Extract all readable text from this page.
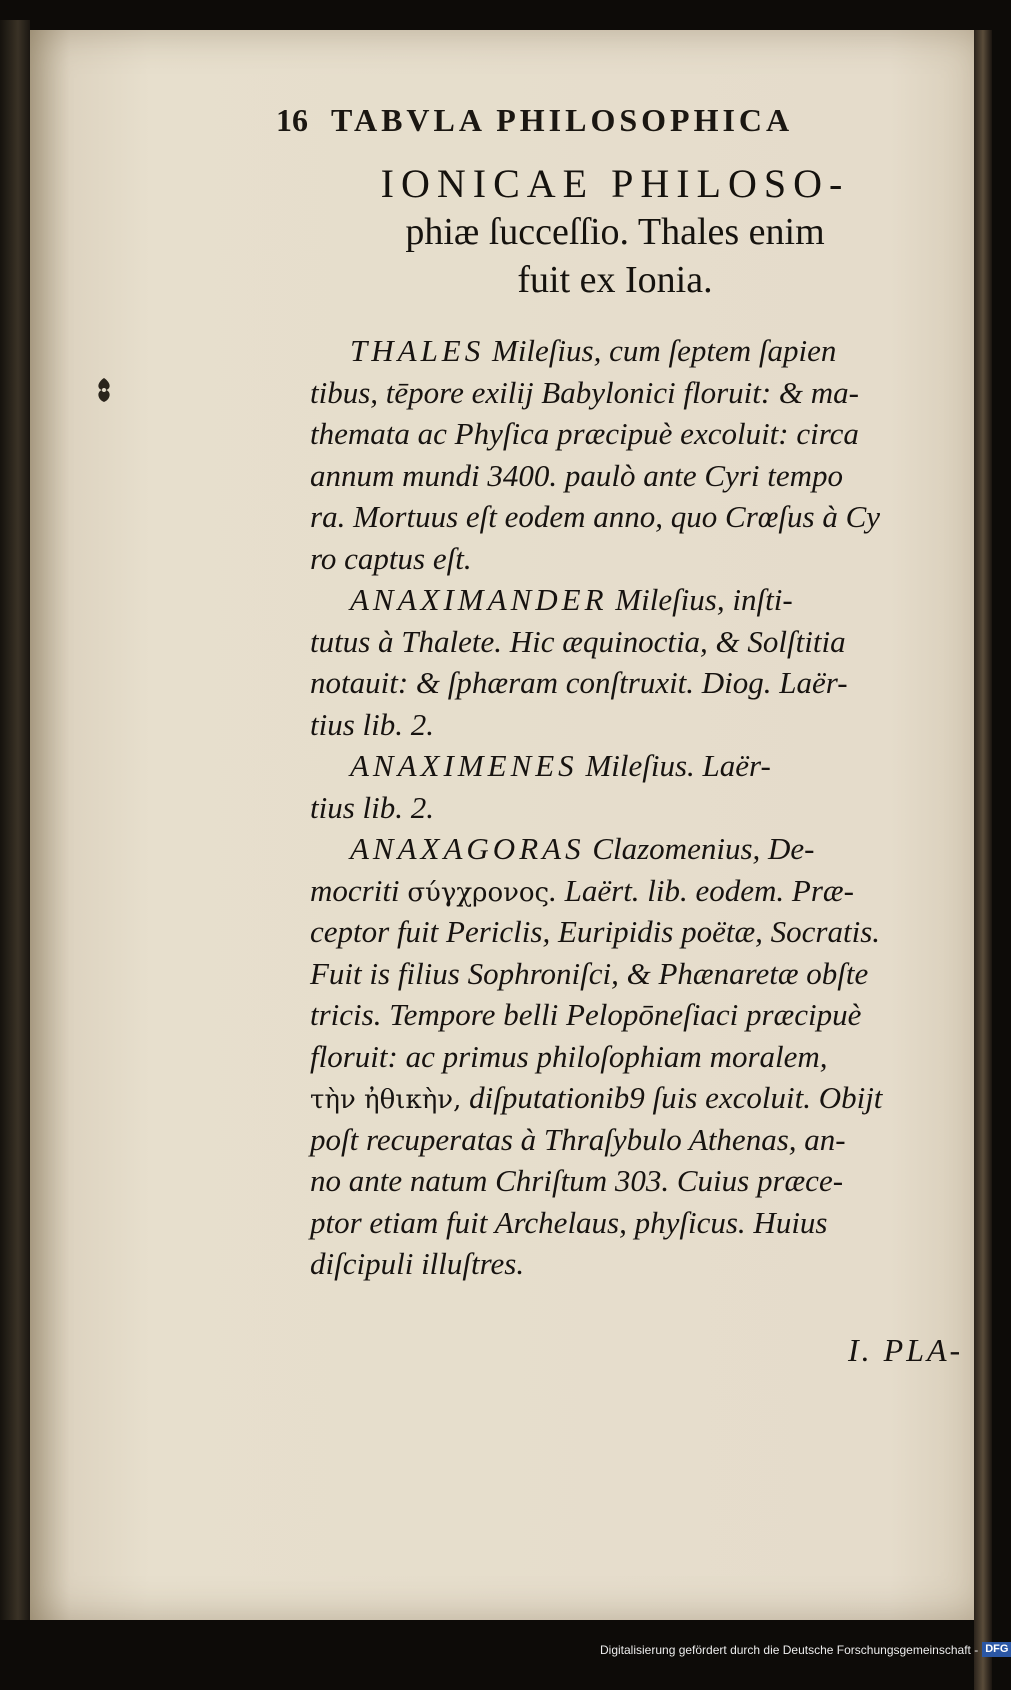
16 TABVLA PHILOSOPHICA
IONICAE PHILOSO-
phiæ ſucceſſio. Thales enim
fuit ex Ionia.
THALES Mileſius, cum ſeptem ſapien
tibus, tēpore exilij Babylonici floruit: & ma-
themata ac Phyſica præcipuè excoluit: circa
annum mundi 3400. paulò ante Cyri tempo
ra. Mortuus eſt eodem anno, quo Crœſus à Cy
ro captus eſt.
ANAXIMANDER Mileſius, inſti-
tutus à Thalete. Hic æquinoctia, & Solſtitia
notauit: & ſphæram conſtruxit. Diog. Laër-
tius lib. 2.
ANAXIMENES Mileſius. Laër-
tius lib. 2.
ANAXAGORAS Clazomenius, De-
mocriti σύγχρονος. Laërt. lib. eodem. Præ-
ceptor fuit Periclis, Euripidis poëtæ, Socratis.
Fuit is filius Sophroniſci, & Phænaretæ obſte
tricis. Tempore belli Pelopōneſiaci præcipuè
floruit: ac primus philoſophiam moralem,
τὴν ἠθικὴν, diſputationib9 ſuis excoluit. Obijt
poſt recuperatas à Thraſybulo Athenas, an-
no ante natum Chriſtum 303. Cuius præce-
ptor etiam fuit Archelaus, phyſicus. Huius
diſcipuli illuſtres.
I. PLA-
Digitalisierung gefördert durch die Deutsche Forschungsgemeinschaft - DFG
